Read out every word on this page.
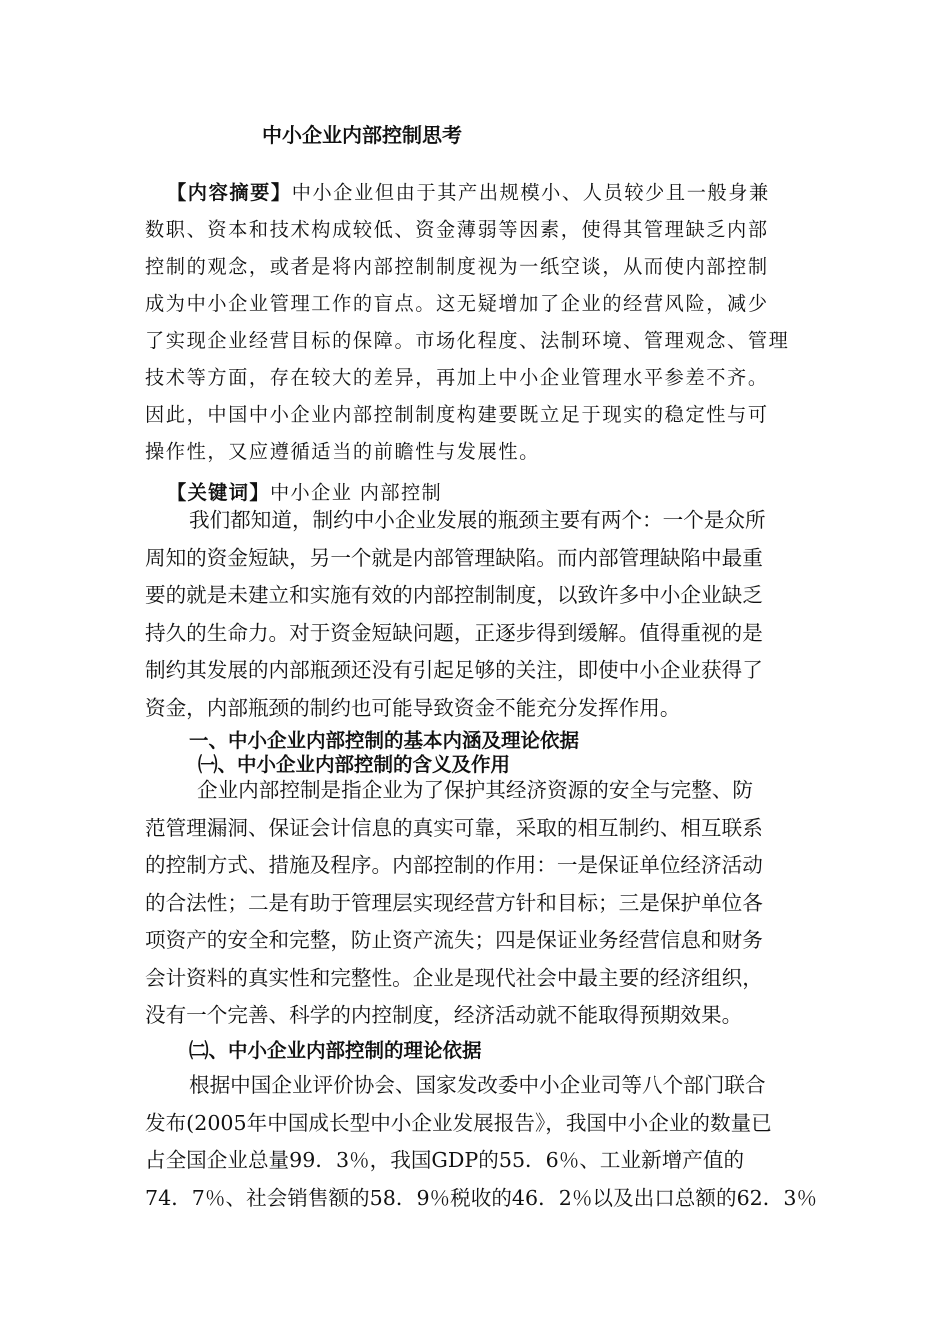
中小企业内部控制思考
【内容摘要】中小企业但由于其产出规模小、人员较少且一般身兼
数职、资本和技术构成较低、资金薄弱等因素，使得其管理缺乏内部
控制的观念，或者是将内部控制制度视为一纸空谈，从而使内部控制
成为中小企业管理工作的盲点。这无疑增加了企业的经营风险，减少
了实现企业经营目标的保障。市场化程度、法制环境、管理观念、管理
技术等方面，存在较大的差异，再加上中小企业管理水平参差不齐。
因此，中国中小企业内部控制制度构建要既立足于现实的稳定性与可
操作性，又应遵循适当的前瞻性与发展性。
【关键词】中小企业 内部控制
我们都知道，制约中小企业发展的瓶颈主要有两个：一个是众所
周知的资金短缺，另一个就是内部管理缺陷。而内部管理缺陷中最重
要的就是未建立和实施有效的内部控制制度，以致许多中小企业缺乏
持久的生命力。对于资金短缺问题，正逐步得到缓解。值得重视的是
制约其发展的内部瓶颈还没有引起足够的关注，即使中小企业获得了
资金，内部瓶颈的制约也可能导致资金不能充分发挥作用。
一、中小企业内部控制的基本内涵及理论依据
㈠、中小企业内部控制的含义及作用
企业内部控制是指企业为了保护其经济资源的安全与完整、防
范管理漏洞、保证会计信息的真实可靠，采取的相互制约、相互联系
的控制方式、措施及程序。内部控制的作用：一是保证单位经济活动
的合法性；二是有助于管理层实现经营方针和目标；三是保护单位各
项资产的安全和完整，防止资产流失；四是保证业务经营信息和财务
会计资料的真实性和完整性。企业是现代社会中最主要的经济组织，
没有一个完善、科学的内控制度，经济活动就不能取得预期效果。
㈡、中小企业内部控制的理论依据
根据中国企业评价协会、国家发改委中小企业司等八个部门联合
发布(2005年中国成长型中小企业发展报告》，我国中小企业的数量已
占全国企业总量99．3％，我国GDP的55．6％、工业新增产值的
74．7％、社会销售额的58．9％税收的46．2％以及出口总额的62．3％
